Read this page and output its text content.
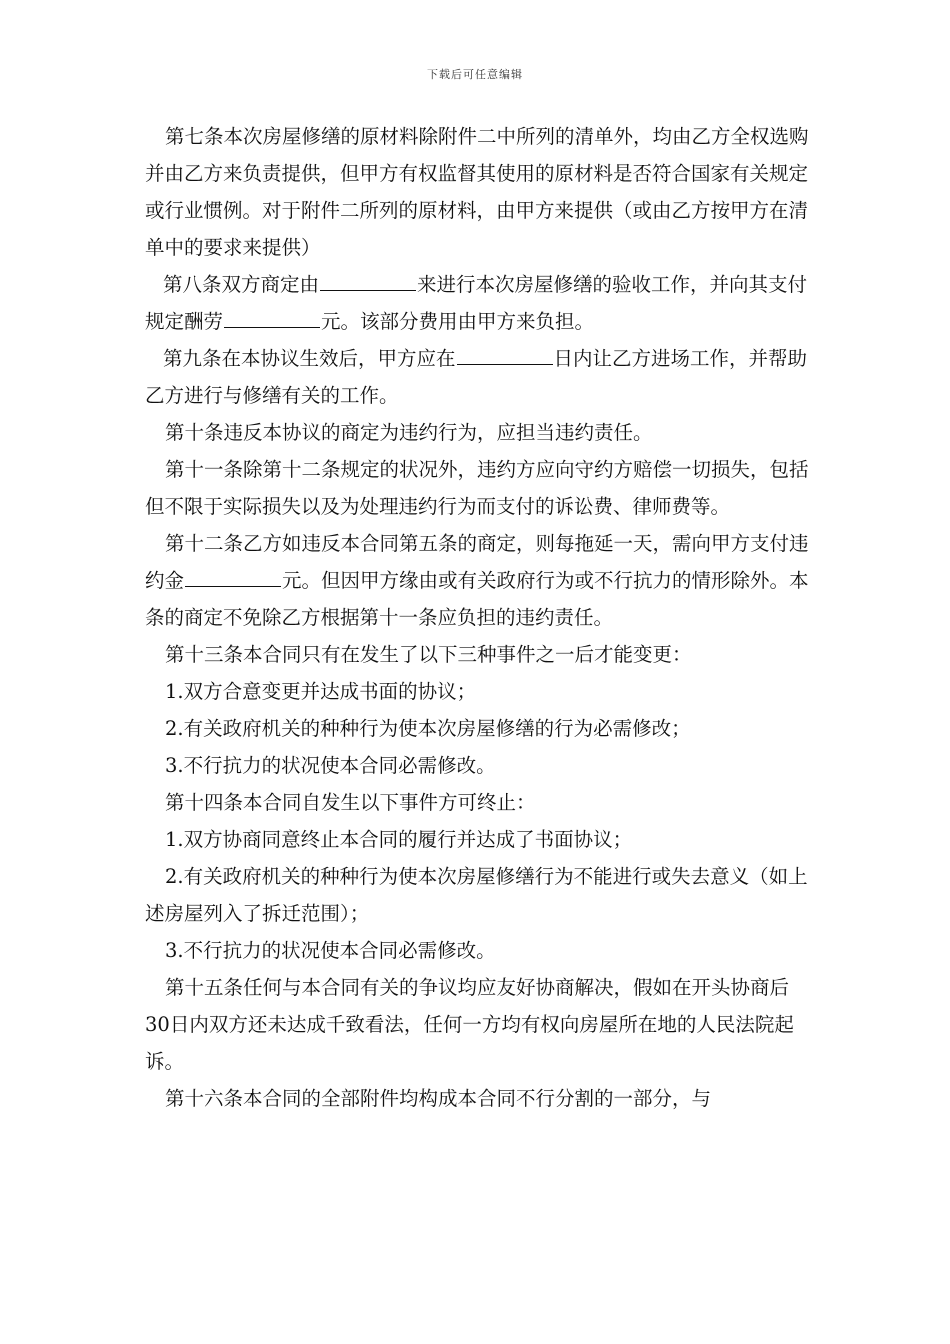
下载后可任意编辑

第七条本次房屋修缮的原材料除附件二中所列的清单外，均由乙方全权选购并由乙方来负责提供，但甲方有权监督其使用的原材料是否符合国家有关规定或行业惯例。对于附件二所列的原材料，由甲方来提供（或由乙方按甲方在清单中的要求来提供）

第八条双方商定由	来进行本次房屋修缮的验收工作，并向其支付规定酬劳	元。该部分费用由甲方来负担。

第九条在本协议生效后，甲方应在	日内让乙方进场工作，并帮助乙方进行与修缮有关的工作。

第十条违反本协议的商定为违约行为，应担当违约责任。

第十一条除第十二条规定的状况外，违约方应向守约方赔偿一切损失，包括但不限于实际损失以及为处理违约行为而支付的诉讼费、律师费等。

第十二条乙方如违反本合同第五条的商定，则每拖延一天，需向甲方支付违约金	元。但因甲方缘由或有关政府行为或不行抗力的情形除外。本条的商定不免除乙方根据第十一条应负担的违约责任。

第十三条本合同只有在发生了以下三种事件之一后才能变更：

1.双方合意变更并达成书面的协议；

2.有关政府机关的种种行为使本次房屋修缮的行为必需修改；

3.不行抗力的状况使本合同必需修改。

第十四条本合同自发生以下事件方可终止：

1.双方协商同意终止本合同的履行并达成了书面协议；

2.有关政府机关的种种行为使本次房屋修缮行为不能进行或失去意义（如上述房屋列入了拆迁范围）；

3.不行抗力的状况使本合同必需修改。

第十五条任何与本合同有关的争议均应友好协商解决，假如在开头协商后30日内双方还未达成千致看法，任何一方均有权向房屋所在地的人民法院起诉。

第十六条本合同的全部附件均构成本合同不行分割的一部分，与
